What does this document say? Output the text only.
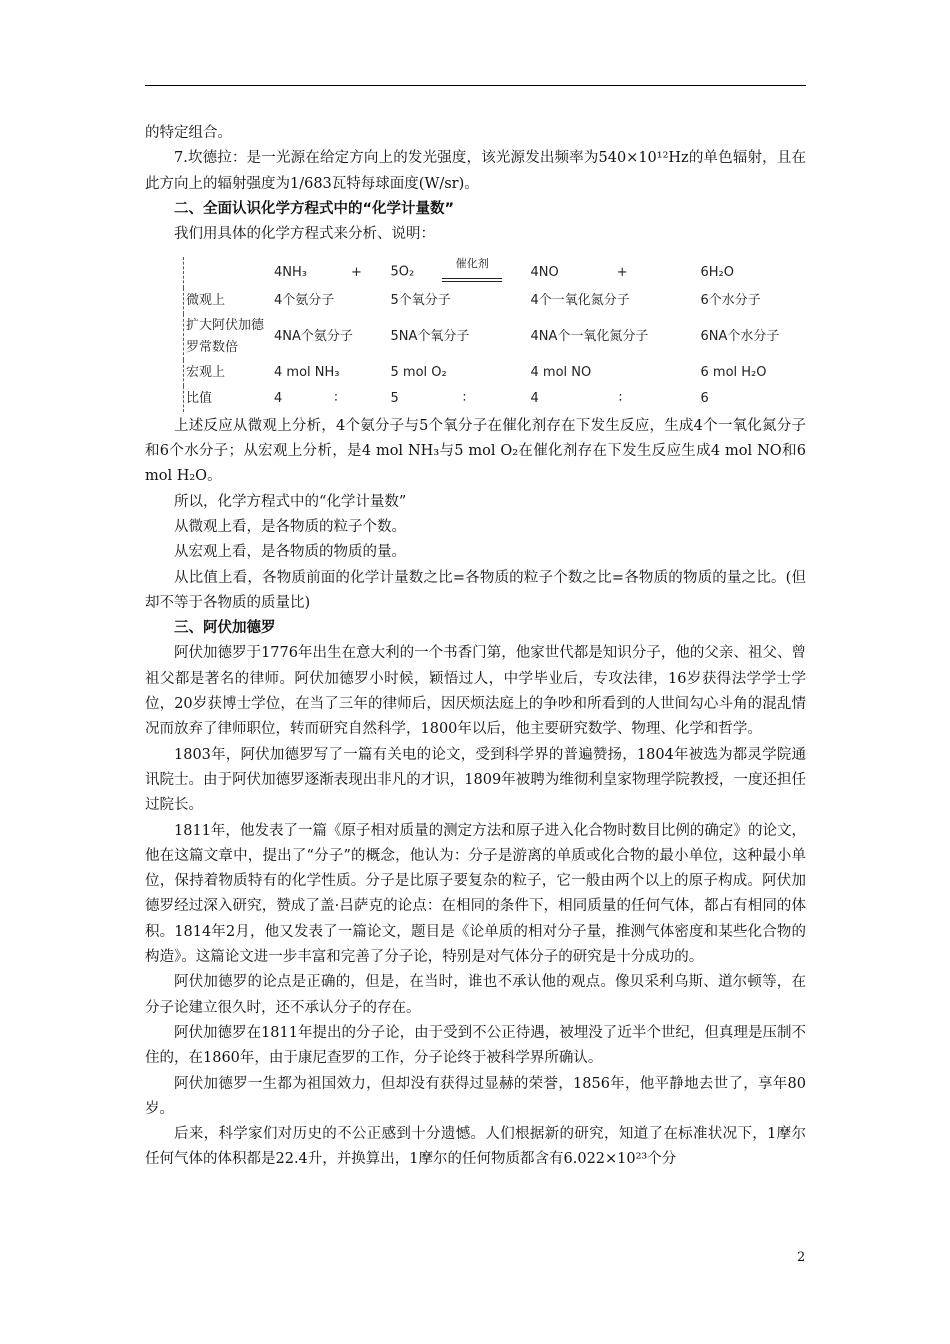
的特定组合。

7.坎德拉：是一光源在给定方向上的发光强度，该光源发出频率为540×10¹²Hz的单色辐射，且在此方向上的辐射强度为1/683瓦特每球面度(W/sr)。

二、全面认识化学方程式中的“化学计量数”

我们用具体的化学方程式来分析、说明：

	4NH₃ +	5O₂催化剂	4NO +	6H₂O
微观上	4个氨分子	5个氧分子	4个一氧化氮分子	6个水分子
扩大阿伏加德罗常数倍	4NA个氨分子	5NA个氧分子	4NA个一氧化氮分子	6NA个水分子
宏观上	4 mol NH₃	5 mol O₂	4 mol NO	6 mol H₂O
比值	4 ∶	5 ∶	4 ∶	6

上述反应从微观上分析，4个氨分子与5个氧分子在催化剂存在下发生反应，生成4个一氧化氮分子和6个水分子；从宏观上分析，是4 mol NH₃与5 mol O₂在催化剂存在下发生反应生成4 mol NO和6 mol H₂O。

所以，化学方程式中的“化学计量数”

从微观上看，是各物质的粒子个数。

从宏观上看，是各物质的物质的量。

从比值上看，各物质前面的化学计量数之比=各物质的粒子个数之比=各物质的物质的量之比。(但却不等于各物质的质量比)

三、阿伏加德罗

阿伏加德罗于1776年出生在意大利的一个书香门第，他家世代都是知识分子，他的父亲、祖父、曾祖父都是著名的律师。阿伏加德罗小时候，颖悟过人，中学毕业后，专攻法律，16岁获得法学学士学位，20岁获博士学位，在当了三年的律师后，因厌烦法庭上的争吵和所看到的人世间勾心斗角的混乱情况而放弃了律师职位，转而研究自然科学，1800年以后，他主要研究数学、物理、化学和哲学。

1803年，阿伏加德罗写了一篇有关电的论文，受到科学界的普遍赞扬，1804年被选为都灵学院通讯院士。由于阿伏加德罗逐渐表现出非凡的才识，1809年被聘为维彻利皇家物理学院教授，一度还担任过院长。

1811年，他发表了一篇《原子相对质量的测定方法和原子进入化合物时数目比例的确定》的论文，他在这篇文章中，提出了“分子”的概念，他认为：分子是游离的单质或化合物的最小单位，这种最小单位，保持着物质特有的化学性质。分子是比原子要复杂的粒子，它一般由两个以上的原子构成。阿伏加德罗经过深入研究，赞成了盖·吕萨克的论点：在相同的条件下，相同质量的任何气体，都占有相同的体积。1814年2月，他又发表了一篇论文，题目是《论单质的相对分子量，推测气体密度和某些化合物的构造》。这篇论文进一步丰富和完善了分子论，特别是对气体分子的研究是十分成功的。

阿伏加德罗的论点是正确的，但是，在当时，谁也不承认他的观点。像贝采利乌斯、道尔顿等，在分子论建立很久时，还不承认分子的存在。

阿伏加德罗在1811年提出的分子论，由于受到不公正待遇，被埋没了近半个世纪，但真理是压制不住的，在1860年，由于康尼查罗的工作，分子论终于被科学界所确认。

阿伏加德罗一生都为祖国效力，但却没有获得过显赫的荣誉，1856年，他平静地去世了，享年80岁。

后来，科学家们对历史的不公正感到十分遗憾。人们根据新的研究，知道了在标准状况下，1摩尔任何气体的体积都是22.4升，并换算出，1摩尔的任何物质都含有6.022×10²³个分

2
